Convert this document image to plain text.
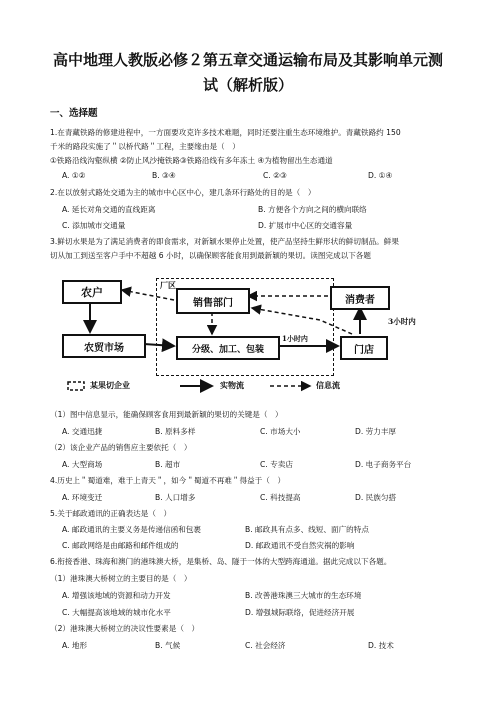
高中地理人教版必修２第五章交通运输布局及其影响单元测
试（解析版）
一、选择题
1.在青藏铁路的修建进程中，一方面要攻克许多技术难题，同时还要注重生态环境维护。青藏铁路约 150
千米的路段实施了＂以桥代路＂工程，主要缘由是（　）
①铁路沿线沟壑纵横 ②防止风沙掩铁路③铁路沿线有多年冻土 ④为植物留出生态通道
A. ①②	B. ③④	C. ②③	D. ①④
2.在以放射式路处交通为主的城市中心区中心，建几条环行路处的目的是（　）
A. 延长对角交通的直线距离	B. 方便各个方向之间的横向联络
C. 添加城市交通量	D. 扩展市中心区的交通容量
3.鲜切水果是为了满足消费者的即食需求，对新颖水果停止处置，使产品坚持生鲜形状的鲜切制品。鲜果
切从加工到送至客户手中不超越 6 小时，以确保顾客能食用到最新颖的果切。读图完成以下各题
厂区
农户
农贸市场
销售部门
分级、加工、包装
消费者
门店
3小时内
1小时内
某果切企业	实物流	信息流
（1）图中信息显示，能确保顾客食用到最新颖的果切的关键是（　）
A. 交通迅捷	B. 原料多样	C. 市场大小	D. 劳力丰厚
（2）该企业产品的销售应主要依托（　）
A. 大型商场	B. 超市	C. 专卖店	D. 电子商务平台
4.历史上＂蜀道难，难于上青天＂，如今＂蜀道不再难＂得益于（　）
A. 环境变迁	B. 人口增多	C. 科技提高	D. 民族匀搭
5.关于邮政通讯的正确表达是（　）
A. 邮政通讯的主要义务是传递信函和包裹	B. 邮政具有点多、线短、面广的特点
C. 邮政网络是由邮路和邮件组成的	D. 邮政通讯不受自然灾祸的影响
6.衔接香港、珠海和澳门的港珠澳大桥，是集桥、岛、隧于一体的大型跨海通道。据此完成以下各题。
（1）港珠澳大桥树立的主要目的是（　）
A. 增强该地域的资源和动力开发	B. 改善港珠澳三大城市的生态环境
C. 大幅提高该地域的城市化水平	D. 增强城际联络，促进经济开展
（2）港珠澳大桥树立的决议性要素是（　）
A. 地形	B. 气候	C. 社会经济	D. 技术
